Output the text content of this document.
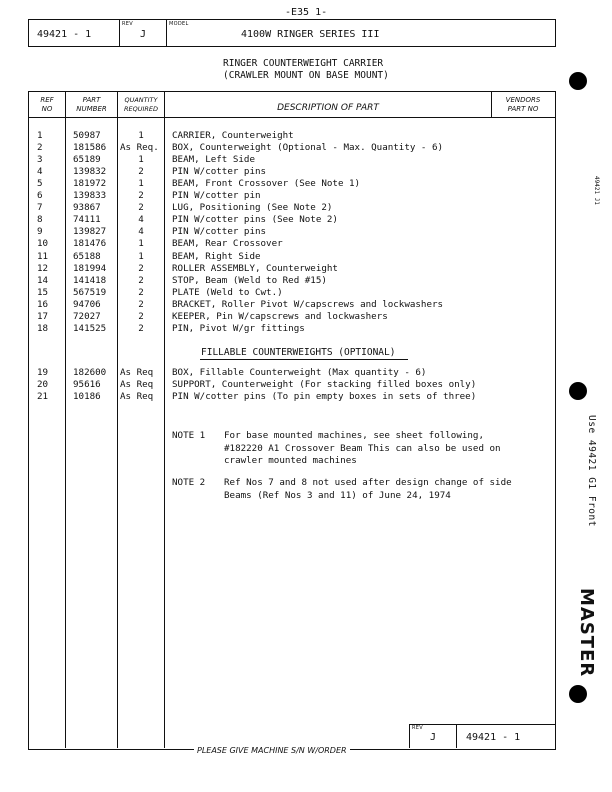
-E35 1-
49421 - 1
REV
J
MODEL
4100W RINGER SERIES III
RINGER COUNTERWEIGHT CARRIER
(CRAWLER MOUNT ON BASE MOUNT)
REF
NO
PART
NUMBER
QUANTITY
REQUIRED	DESCRIPTION OF PART
VENDORS
PART NO
1	50987	1	CARRIER, Counterweight
2	181586 As Req.	BOX, Counterweight (Optional - Max. Quantity - 6)
3	65189	1	BEAM, Left Side
4	139832	2	PIN W/cotter pins
5	181972	1	BEAM, Front Crossover (See Note 1)
6	139833	2	PIN W/cotter pin
7	93867	2	LUG, Positioning (See Note 2)
8	74111	4	PIN W/cotter pins (See Note 2)
9	139827	4	PIN W/cotter pins
10	181476	1	BEAM, Rear Crossover
11	65188	1	BEAM, Right Side
12	181994	2	ROLLER ASSEMBLY, Counterweight
14	141418	2	STOP, Beam (Weld to Red #15)
15	567519	2	PLATE (Weld to Cwt.)
16	94706	2	BRACKET, Roller Pivot W/capscrews and lockwashers
17	72027	2	KEEPER, Pin W/capscrews and lockwashers
18	141525	2	PIN, Pivot W/gr fittings
FILLABLE COUNTERWEIGHTS (OPTIONAL)
19	182600 As Req	BOX, Fillable Counterweight (Max quantity - 6)
20	95616 As Req	SUPPORT, Counterweight (For stacking filled boxes only)
21	10186 As Req	PIN W/cotter pins (To pin empty boxes in sets of three)
NOTE 1 For base mounted machines, see sheet following,
#182220 A1 Crossover Beam This can also be used on
crawler mounted machines
NOTE 2 Ref Nos 7 and 8 not used after design change of side
Beams (Ref Nos 3 and 11) of June 24, 1974
REV
J	49421 - 1
PLEASE GIVE MACHINE S/N W/ORDER
49421 J1
Use 49421 G1 Front
MASTER
